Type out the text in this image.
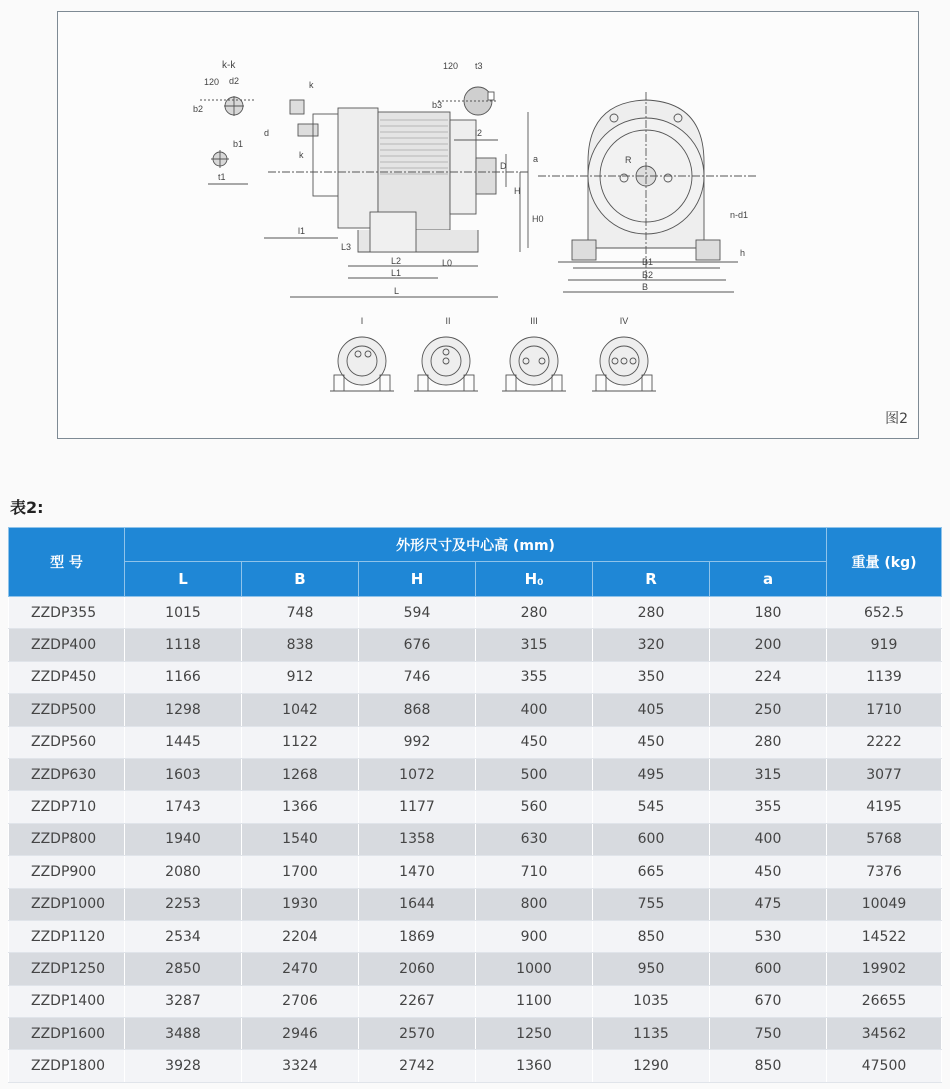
k-k
120
b2
d2
b1
t1
k
k
d
l1
L3
L2
L1
L0
L
l2
D
H
120 t3
b3
a	R
H0	n-d1
h
B1
B2
B
I	II	III	IV
图2
表2:
型 号	外形尺寸及中心高 (mm)						重量 (kg)
	L	B	H	$H_0$	R	a	
ZZDP355	1015	748	594	280	280	180	652.5
ZZDP400	1118	838	676	315	320	200	919
ZZDP450	1166	912	746	355	350	224	1139
ZZDP500	1298	1042	868	400	405	250	1710
ZZDP560	1445	1122	992	450	450	280	2222
ZZDP630	1603	1268	1072	500	495	315	3077
ZZDP710	1743	1366	1177	560	545	355	4195
ZZDP800	1940	1540	1358	630	600	400	5768
ZZDP900	2080	1700	1470	710	665	450	7376
ZZDP1000	2253	1930	1644	800	755	475	10049
ZZDP1120	2534	2204	1869	900	850	530	14522
ZZDP1250	2850	2470	2060	1000	950	600	19902
ZZDP1400	3287	2706	2267	1100	1035	670	26655
ZZDP1600	3488	2946	2570	1250	1135	750	34562
ZZDP1800	3928	3324	2742	1360	1290	850	47500
